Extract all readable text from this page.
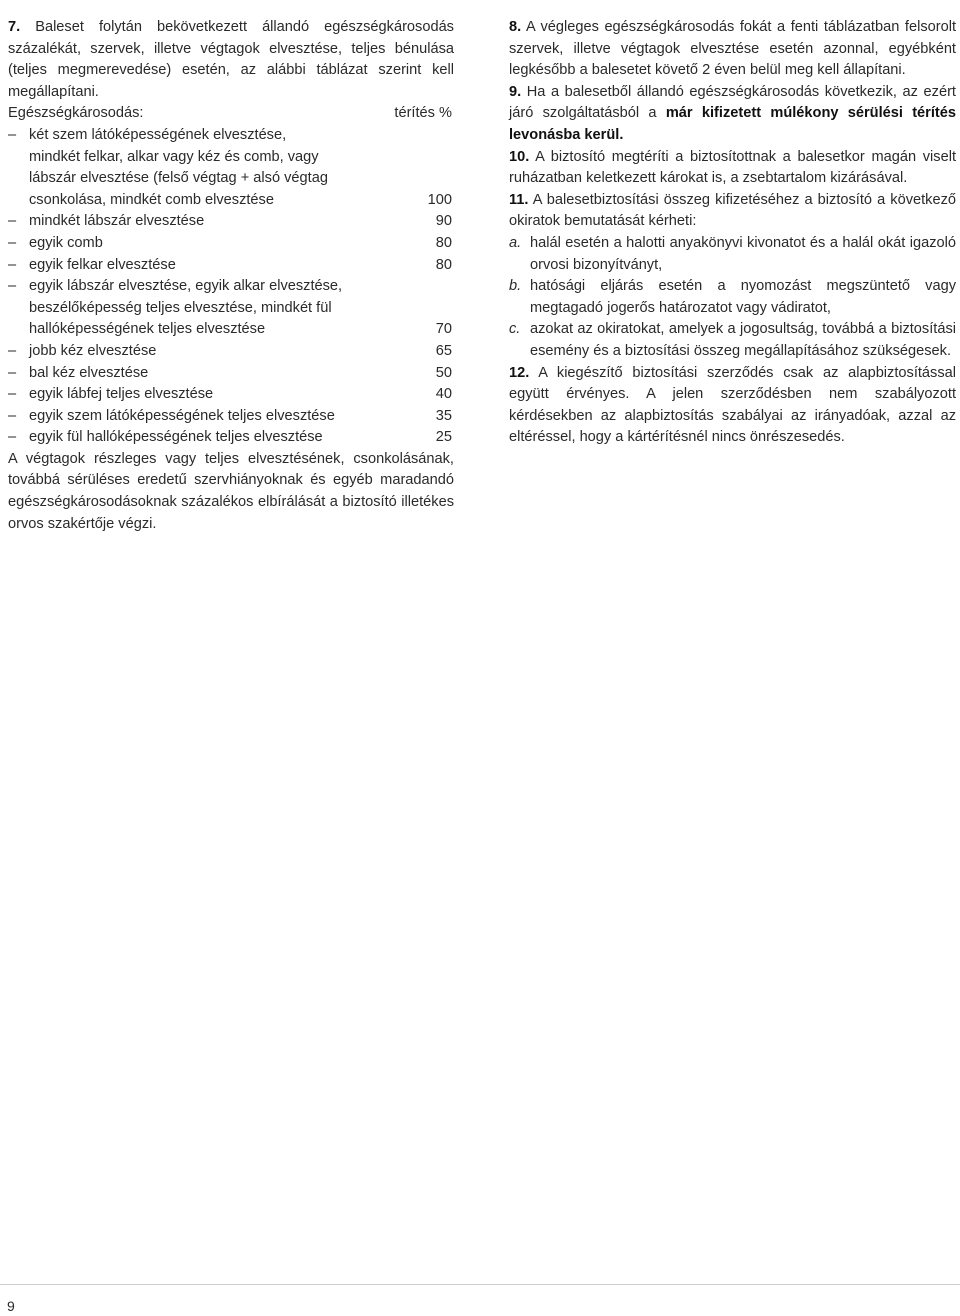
7. Baleset folytán bekövetkezett állandó egészségkárosodás százalékát, szervek, illetve végtagok elvesztése, teljes bénulása (teljes megmerevedése) esetén, az alábbi táblázat szerint kell megállapítani.

Egészségkárosodás:	térítés %
– két szem látóképességének elvesztése, mindkét felkar, alkar vagy kéz és comb, vagy lábszár elvesztése (felső végtag + alsó végtag csonkolása, mindkét comb elvesztése	100
– mindkét lábszár elvesztése	90
– egyik comb	80
– egyik felkar elvesztése	80
– egyik lábszár elvesztése, egyik alkar elvesztése, beszélőképesség teljes elvesztése, mindkét fül hallóképességének teljes elvesztése	70
– jobb kéz elvesztése	65
– bal kéz elvesztése	50
– egyik lábfej teljes elvesztése	40
– egyik szem látóképességének teljes elvesztése	35
– egyik fül hallóképességének teljes elvesztése	25

A végtagok részleges vagy teljes elvesztésének, csonkolásának, továbbá sérüléses eredetű szervhiányoknak és egyéb maradandó egészségkárosodásoknak százalékos elbírálását a biztosító illetékes orvos szakértője végzi.

8. A végleges egészségkárosodás fokát a fenti táblázatban felsorolt szervek, illetve végtagok elvesztése esetén azonnal, egyébként legkésőbb a balesetet követő 2 éven belül meg kell állapítani.

9. Ha a balesetből állandó egészségkárosodás következik, az ezért járó szolgáltatásból a már kifizetett múlékony sérülési térítés levonásba kerül.

10. A biztosító megtéríti a biztosítottnak a balesetkor magán viselt ruházatban keletkezett károkat is, a zsebtartalom kizárásával.

11. A balesetbiztosítási összeg kifizetéséhez a biztosító a következő okiratok bemutatását kérheti:

a. halál esetén a halotti anyakönyvi kivonatot és a halál okát igazoló orvosi bizonyítványt,
b. hatósági eljárás esetén a nyomozást megszüntető vagy megtagadó jogerős határozatot vagy vádiratot,
c. azokat az okiratokat, amelyek a jogosultság, továbbá a biztosítási esemény és a biztosítási összeg megállapításához szükségesek.

12. A kiegészítő biztosítási szerződés csak az alapbiztosítással együtt érvényes. A jelen szerződésben nem szabályozott kérdésekben az alapbiztosítás szabályai az irányadóak, azzal az eltéréssel, hogy a kártérítésnél nincs önrészesedés.

9
